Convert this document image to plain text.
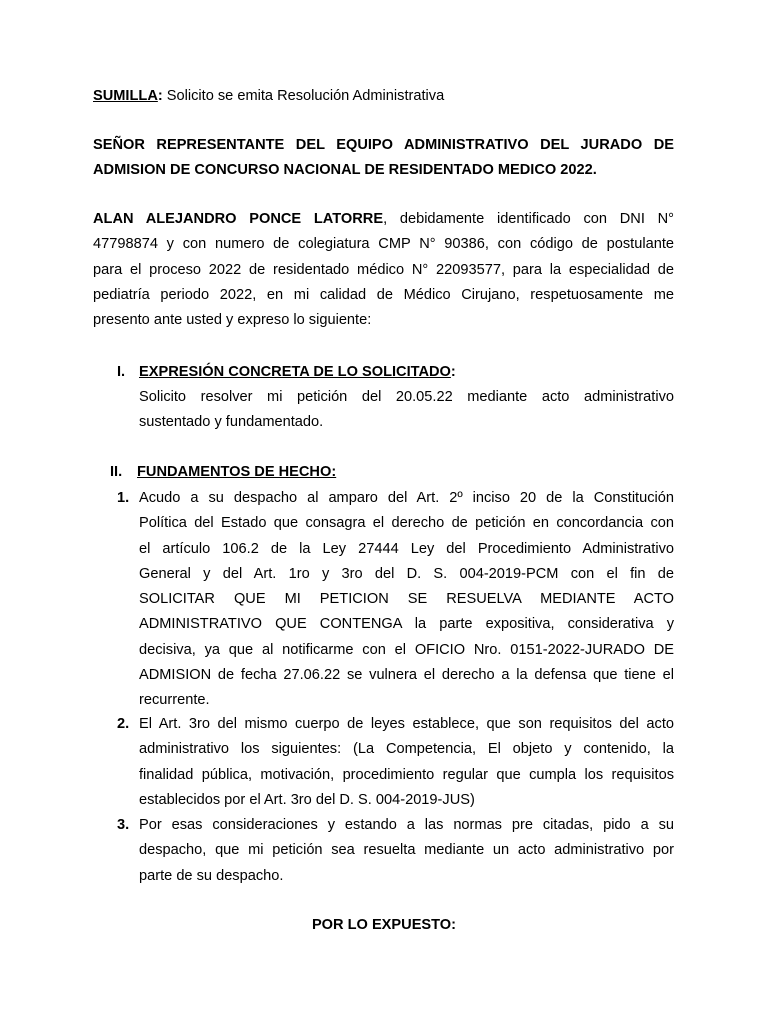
SUMILLA: Solicito se emita Resolución Administrativa
SEÑOR REPRESENTANTE DEL EQUIPO ADMINISTRATIVO DEL JURADO DE
ADMISION DE CONCURSO NACIONAL DE RESIDENTADO MEDICO 2022.
ALAN ALEJANDRO PONCE LATORRE, debidamente identificado con DNI N°
47798874 y con numero de colegiatura CMP N° 90386, con código de postulante
para el proceso 2022 de residentado médico N° 22093577, para la especialidad de
pediatría periodo 2022, en mi calidad de Médico Cirujano, respetuosamente me
presento ante usted y expreso lo siguiente:
I. EXPRESIÓN CONCRETA DE LO SOLICITADO:
Solicito resolver mi petición del 20.05.22 mediante acto administrativo
sustentado y fundamentado.
II. FUNDAMENTOS DE HECHO:
1. Acudo a su despacho al amparo del Art. 2º inciso 20 de la Constitución
Política del Estado que consagra el derecho de petición en concordancia con
el artículo 106.2 de la Ley 27444 Ley del Procedimiento Administrativo
General y del Art. 1ro y 3ro del D. S. 004-2019-PCM con el fin de
SOLICITAR QUE MI PETICION SE RESUELVA MEDIANTE ACTO
ADMINISTRATIVO QUE CONTENGA la parte expositiva, considerativa y
decisiva, ya que al notificarme con el OFICIO Nro. 0151-2022-JURADO DE
ADMISION de fecha 27.06.22 se vulnera el derecho a la defensa que tiene el
recurrente.
2. El Art. 3ro del mismo cuerpo de leyes establece, que son requisitos del acto
administrativo los siguientes: (La Competencia, El objeto y contenido, la
finalidad pública, motivación, procedimiento regular que cumpla los requisitos
establecidos por el Art. 3ro del D. S. 004-2019-JUS)
3. Por esas consideraciones y estando a las normas pre citadas, pido a su
despacho, que mi petición sea resuelta mediante un acto administrativo por
parte de su despacho.
POR LO EXPUESTO:
